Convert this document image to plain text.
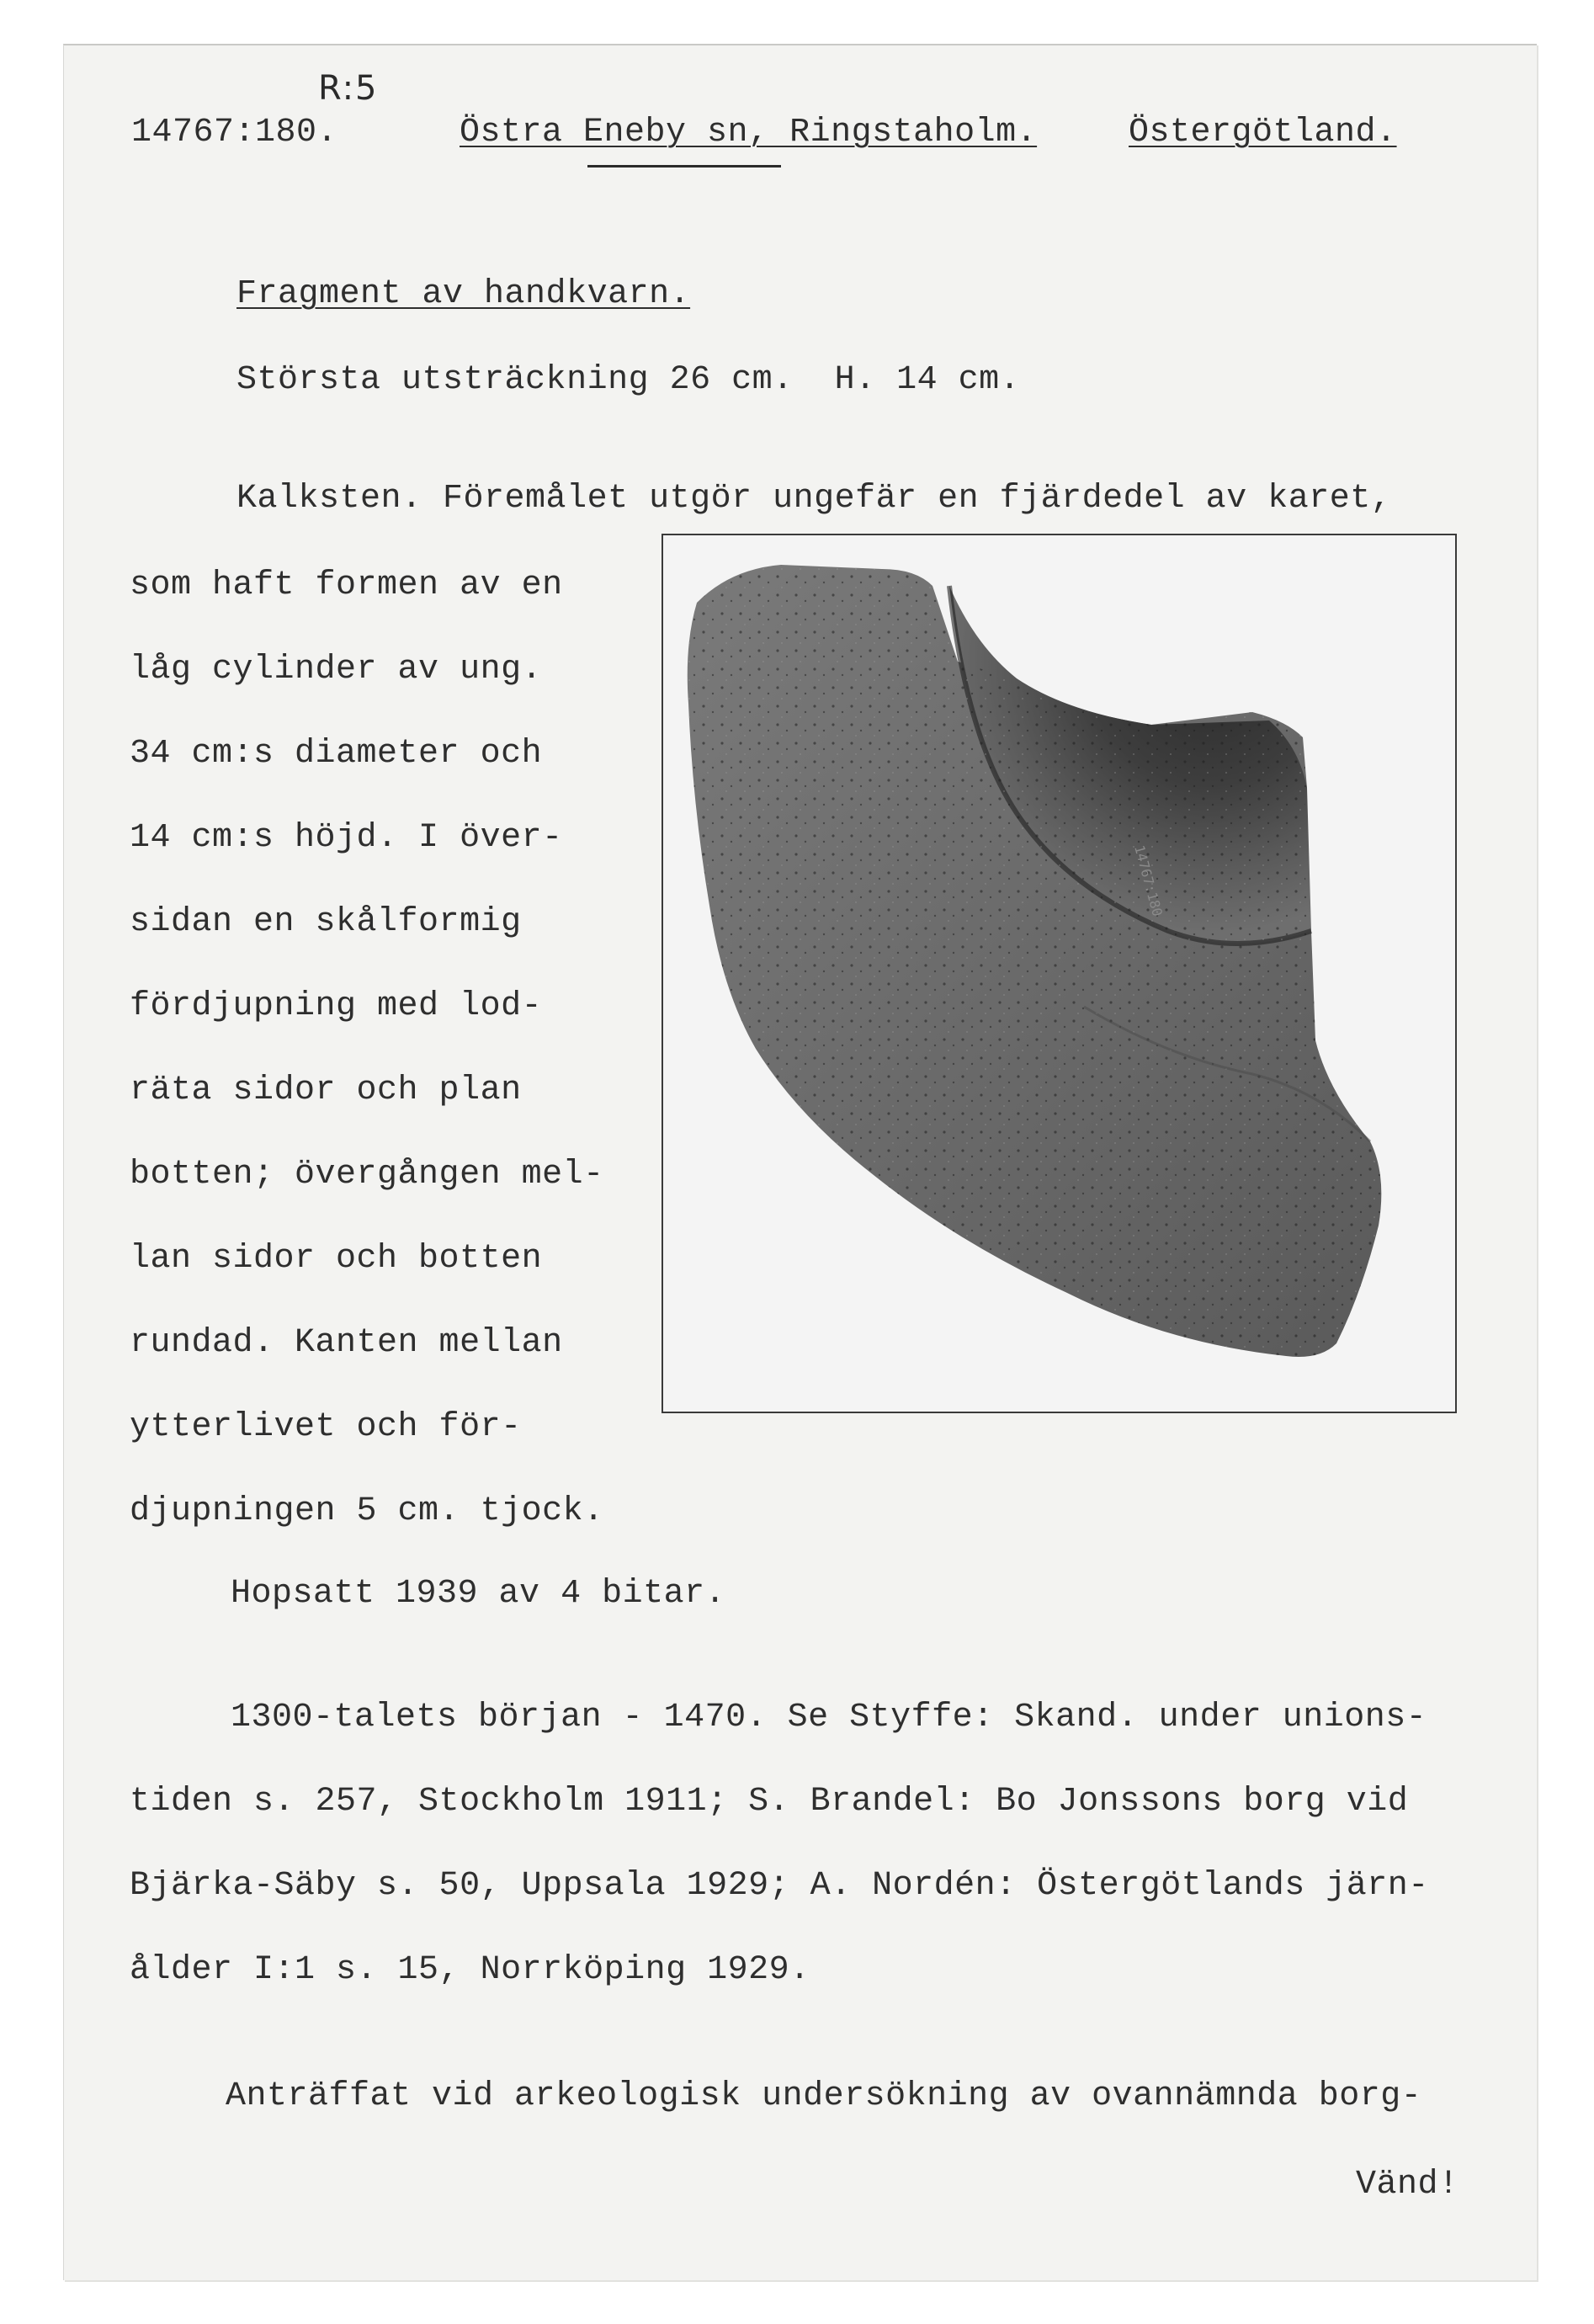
R:5
14767:180.	Östra Eneby sn, Ringstaholm.	Östergötland.
Fragment av handkvarn.
Största utsträckning 26 cm.  H. 14 cm.
Kalksten. Föremålet utgör ungefär en fjärdedel av karet,
som haft formen av en
låg cylinder av ung.
34 cm:s diameter och
14 cm:s höjd. I över-
sidan en skålformig
fördjupning med lod-
räta sidor och plan
botten; övergången mel-
lan sidor och botten
rundad. Kanten mellan
ytterlivet och för-
djupningen 5 cm. tjock.
Hopsatt 1939 av 4 bitar.
1300-talets början - 1470. Se Styffe: Skand. under unions-
tiden s. 257, Stockholm 1911; S. Brandel: Bo Jonssons borg vid
Bjärka-Säby s. 50, Uppsala 1929; A. Nordén: Östergötlands järn-
ålder I:1 s. 15, Norrköping 1929.
Anträffat vid arkeologisk undersökning av ovannämnda borg-
Vänd!
14767:180
